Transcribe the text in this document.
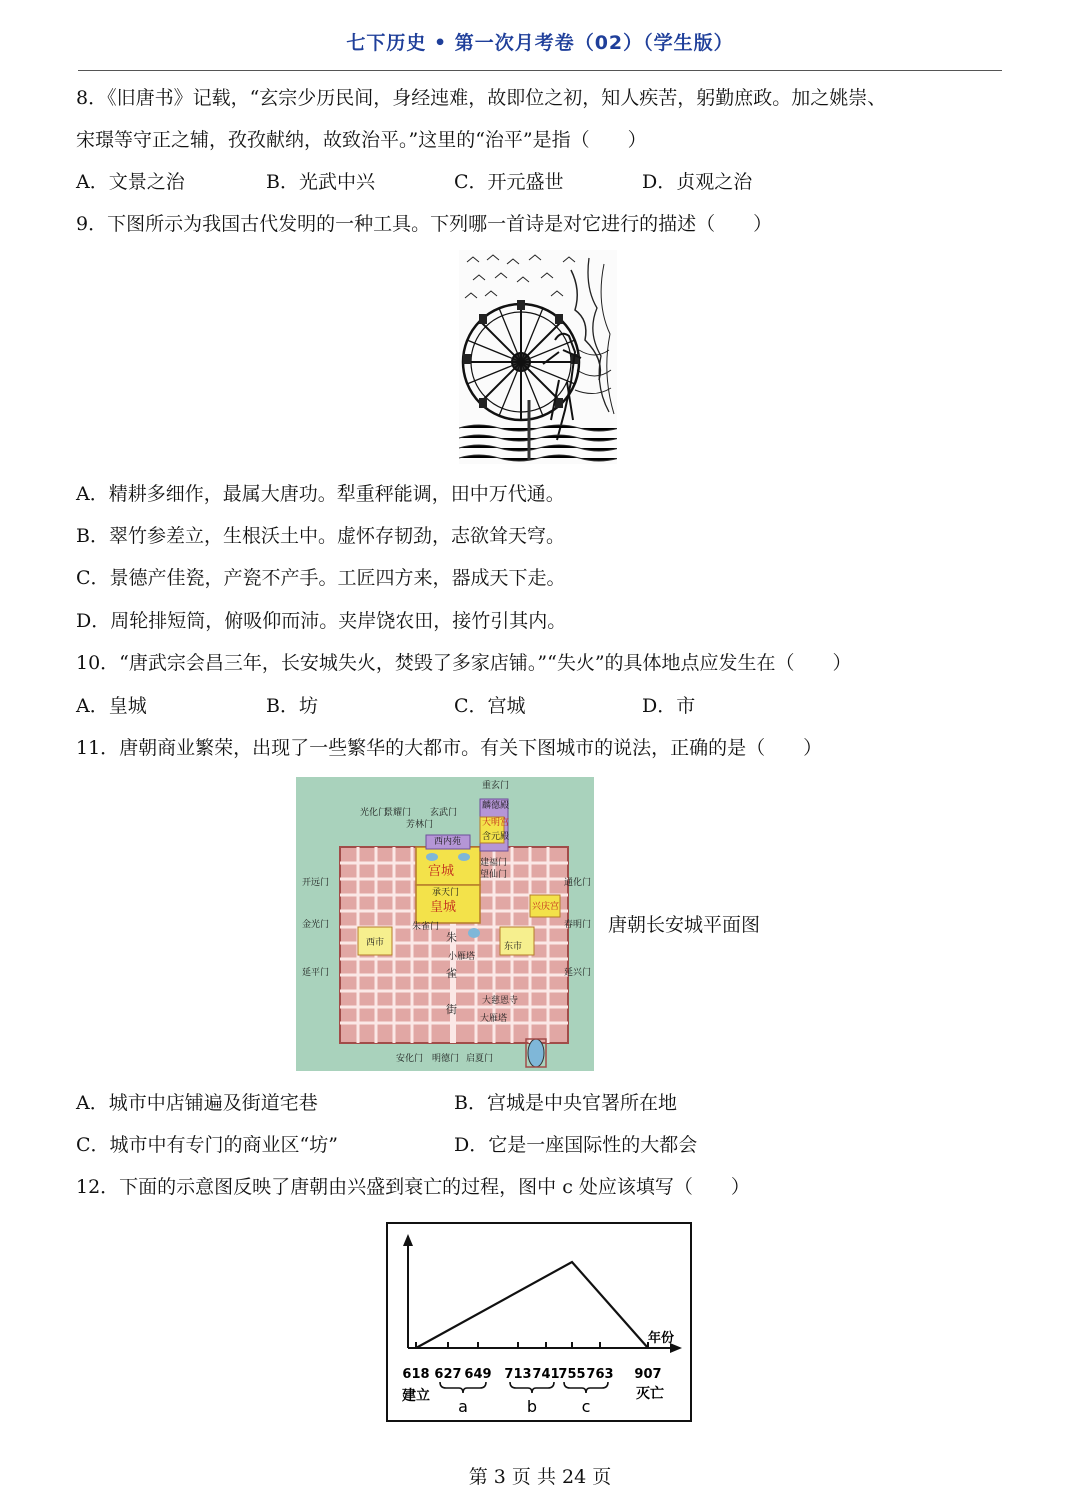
七下历史 • 第一次月考卷（02）（学生版）
8．《旧唐书》记载，“玄宗少历民间，身经迍难，故即位之初，知人疾苦，躬勤庶政。加之姚崇、
宋璟等守正之辅，孜孜献纳，故致治平。”这里的“治平”是指（　　）
A．文景之治	B．光武中兴	C．开元盛世	D．贞观之治
9．下图所示为我国古代发明的一种工具。下列哪一首诗是对它进行的描述（　　）
A．精耕多细作，最属大唐功。犁重秤能调，田中万代通。
B．翠竹参差立，生根沃土中。虚怀存韧劲，志欲耸天穹。
C．景德产佳瓷，产瓷不产手。工匠四方来，器成天下走。
D．周轮排短筒，俯吸仰而沛。夹岸饶农田，接竹引其内。
10．“唐武宗会昌三年，长安城失火，焚毁了多家店铺。”“失火”的具体地点应发生在（　　）
A．皇城	B．坊	C．宫城	D．市
11．唐朝商业繁荣，出现了一些繁华的大都市。有关下图城市的说法，正确的是（　　）
重玄门
麟德殿
大明宫
含元殿
光化门
景耀门 玄武门
芳林门
西内苑
宫城
建福门
望仙门
承天门
皇城	兴庆宫
开远门	通化门
金光门	春明门
延平门	延兴门
朱雀门
西市	东市
朱
雀
街
小雁塔
大慈恩寺
大雁塔
安化门 明德门 启夏门
唐朝长安城平面图
A．城市中店铺遍及街道宅巷	B．宫城是中央官署所在地
C．城市中有专门的商业区“坊”	D．它是一座国际性的大都会
12．下面的示意图反映了唐朝由兴盛到衰亡的过程，图中 c 处应该填写（　　）
618 627 649 713 741
755 763 907
年份
建立	灭亡
a	b	c
第 3 页 共 24 页
